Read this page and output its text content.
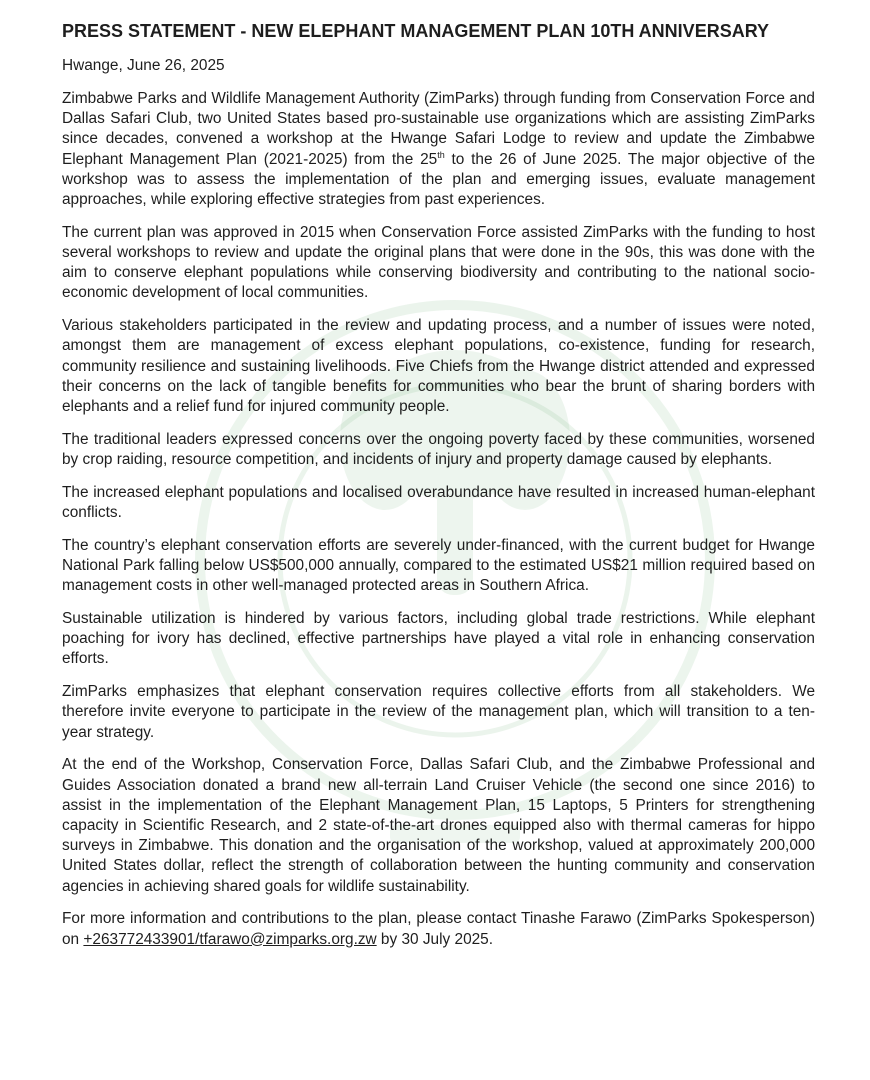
PRESS STATEMENT - NEW ELEPHANT MANAGEMENT PLAN 10TH ANNIVERSARY
Hwange, June 26, 2025

Zimbabwe Parks and Wildlife Management Authority (ZimParks) through funding from Conservation Force and Dallas Safari Club, two United States based pro-sustainable use organizations which are assisting ZimParks since decades, convened a workshop at the Hwange Safari Lodge to review and update the Zimbabwe Elephant Management Plan (2021-2025) from the 25th to the 26 of June 2025. The major objective of the workshop was to assess the implementation of the plan and emerging issues, evaluate management approaches, while exploring effective strategies from past experiences.

The current plan was approved in 2015 when Conservation Force assisted ZimParks with the funding to host several workshops to review and update the original plans that were done in the 90s, this was done with the aim to conserve elephant populations while conserving biodiversity and contributing to the national socio-economic development of local communities.

Various stakeholders participated in the review and updating process, and a number of issues were noted, amongst them are management of excess elephant populations, co-existence, funding for research, community resilience and sustaining livelihoods. Five Chiefs from the Hwange district attended and expressed their concerns on the lack of tangible benefits for communities who bear the brunt of sharing borders with elephants and a relief fund for injured community people.

The traditional leaders expressed concerns over the ongoing poverty faced by these communities, worsened by crop raiding, resource competition, and incidents of injury and property damage caused by elephants.

The increased elephant populations and localised overabundance have resulted in increased human-elephant conflicts.

The country’s elephant conservation efforts are severely under-financed, with the current budget for Hwange National Park falling below US$500,000 annually, compared to the estimated US$21 million required based on management costs in other well-managed protected areas in Southern Africa.

Sustainable utilization is hindered by various factors, including global trade restrictions. While elephant poaching for ivory has declined, effective partnerships have played a vital role in enhancing conservation efforts.

ZimParks emphasizes that elephant conservation requires collective efforts from all stakeholders. We therefore invite everyone to participate in the review of the management plan, which will transition to a ten-year strategy.

At the end of the Workshop, Conservation Force, Dallas Safari Club, and the Zimbabwe Professional and Guides Association donated a brand new all-terrain Land Cruiser Vehicle (the second one since 2016) to assist in the implementation of the Elephant Management Plan, 15 Laptops, 5 Printers for strengthening capacity in Scientific Research, and 2 state-of-the-art drones equipped also with thermal cameras for hippo surveys in Zimbabwe. This donation and the organisation of the workshop, valued at approximately 200,000 United States dollar, reflect the strength of collaboration between the hunting community and conservation agencies in achieving shared goals for wildlife sustainability.

For more information and contributions to the plan, please contact Tinashe Farawo (ZimParks Spokesperson) on +263772433901/tfarawo@zimparks.org.zw by 30 July 2025.
